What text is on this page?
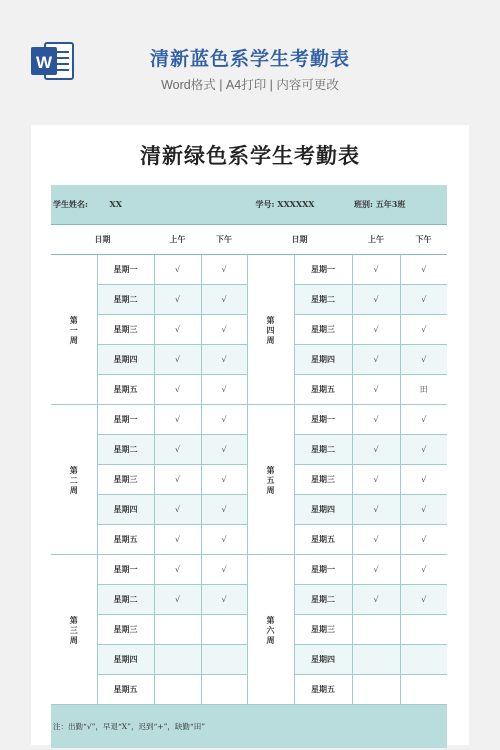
W	清新蓝色系学生考勤表
Word格式 | A4打印 | 内容可更改
清新绿色系学生考勤表
学生姓名: XX			学号: XXXXXX			班别: 五年3班	
日期		上午	下午	日期		上午	下午

第一周	星期一	√	√	第四周	星期一	√	√
	星期二	√	√		星期二	√	√
	星期三	√	√		星期三	√	√
	星期四	√	√		星期四	√	√
	星期五	√	√		星期五	√	田

第二周	星期一	√	√	第五周	星期一	√	√
	星期二	√	√		星期二	√	√
	星期三	√	√		星期三	√	√
	星期四	√	√		星期四	√	√
	星期五	√	√		星期五	√	√

第三周	星期一	√	√	第六周	星期一	√	√
	星期二	√	√		星期二	√	√
	星期三				星期三		
	星期四				星期四		
	星期五				星期五		
注：出勤“√”，早退“X”，迟到“+”，缺勤“田”							
